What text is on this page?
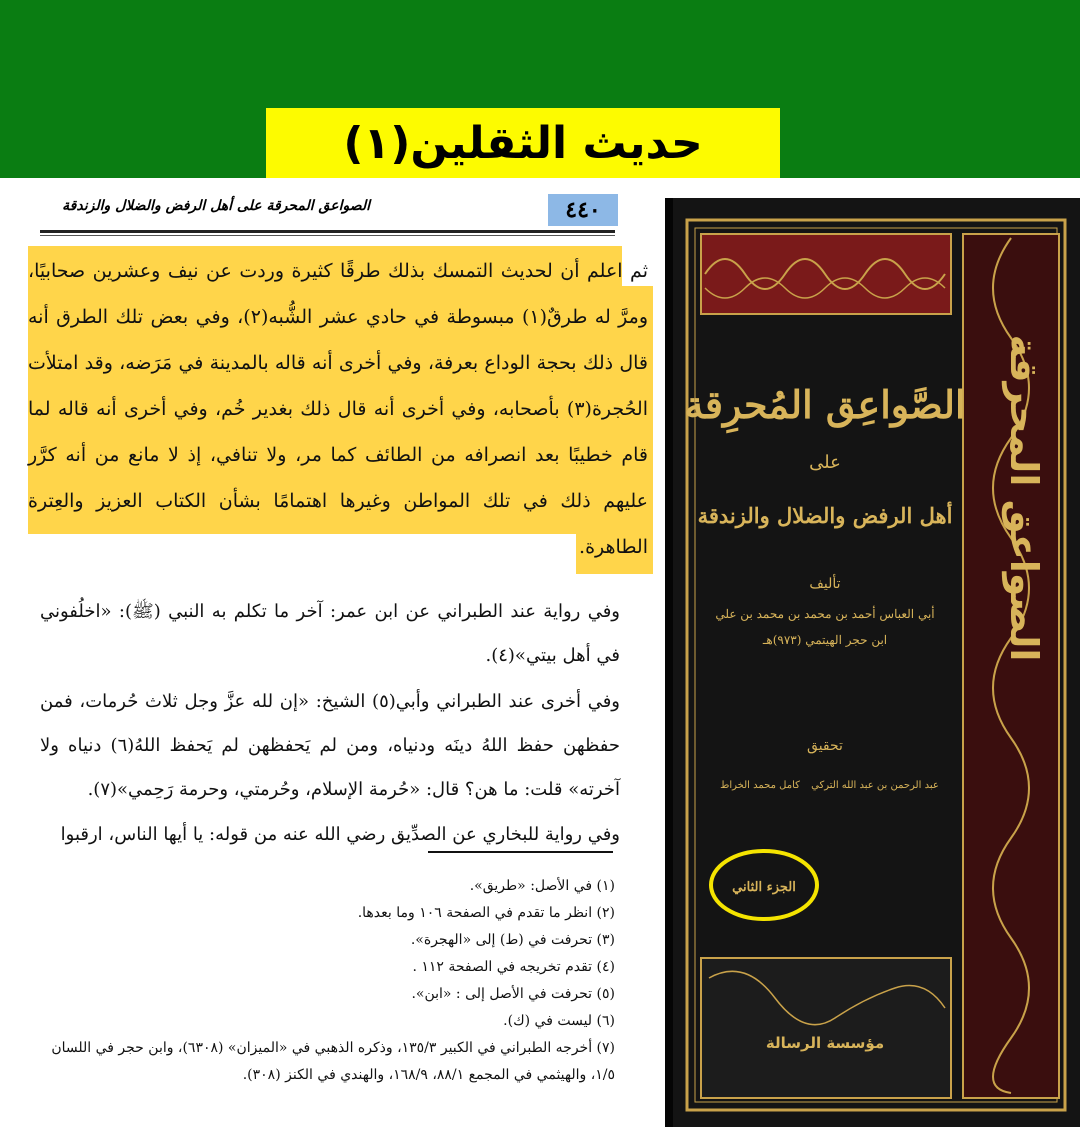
حديث الثقلين(١)
٤٤٠
الصواعق المحرقة على أهل الرفض والضلال والزندقة
ثم اعلم أن لحديث التمسك بذلك طرقًا كثيرة وردت عن نيف وعشرين صحابيًا، ومرَّ له طرقٌ(١) مبسوطة في حادي عشر الشُّبه(٢)، وفي بعض تلك الطرق أنه قال ذلك بحجة الوداع بعرفة، وفي أخرى أنه قاله بالمدينة في مَرَضه، وقد امتلأت الحُجرة(٣) بأصحابه، وفي أخرى أنه قال ذلك بغدير خُم، وفي أخرى أنه قاله لما قام خطيبًا بعد انصرافه من الطائف كما مر، ولا تنافي، إذ لا مانع من أنه كرَّر عليهم ذلك في تلك المواطن وغيرها اهتمامًا بشأن الكتاب العزيز والعِترة الطاهرة.
وفي رواية عند الطبراني عن ابن عمر: آخر ما تكلم به النبي (ﷺ): «اخلُفوني في أهل بيتي»(٤).
وفي أخرى عند الطبراني وأبي(٥) الشيخ: «إن لله عزَّ وجل ثلاث حُرمات، فمن حفظهن حفظ اللهُ دينَه ودنياه، ومن لم يَحفظهن لم يَحفظ اللهُ(٦) دنياه ولا آخرته» قلت: ما هن؟ قال: «حُرمة الإسلام، وحُرمتي، وحرمة رَحِمي»(٧).
وفي رواية للبخاري عن الصدِّيق رضي الله عنه من قوله: يا أيها الناس، ارقبوا

(١) في الأصل: «طريق».

(٢) انظر ما تقدم في الصفحة ١٠٦ وما بعدها.

(٣) تحرفت في (ط) إلى «الهجرة».

(٤) تقدم تخريجه في الصفحة ١١٢ .

(٥) تحرفت في الأصل إلى : «ابن».

(٦) ليست في (ك).

(٧) أخرجه الطبراني في الكبير ١٣٥/٣، وذكره الذهبي في «الميزان» (٦٣٠٨)، وابن حجر في اللسان ١/٥، والهيثمي في المجمع ٨٨/١، ١٦٨/٩، والهندي في الكنز (٣٠٨).

الصواعق المحرقة
الصَّواعِق المُحرِقة
على
أهل الرفض والضلال والزندقة
تأليف
أبي العباس أحمد بن محمد بن محمد بن علي
ابن حجر الهيتمي (٩٧٣)هـ
تحقيق
عبد الرحمن بن عبد الله التركي
كامل محمد الخراط
الجزء الثاني
مؤسسة الرسالة
